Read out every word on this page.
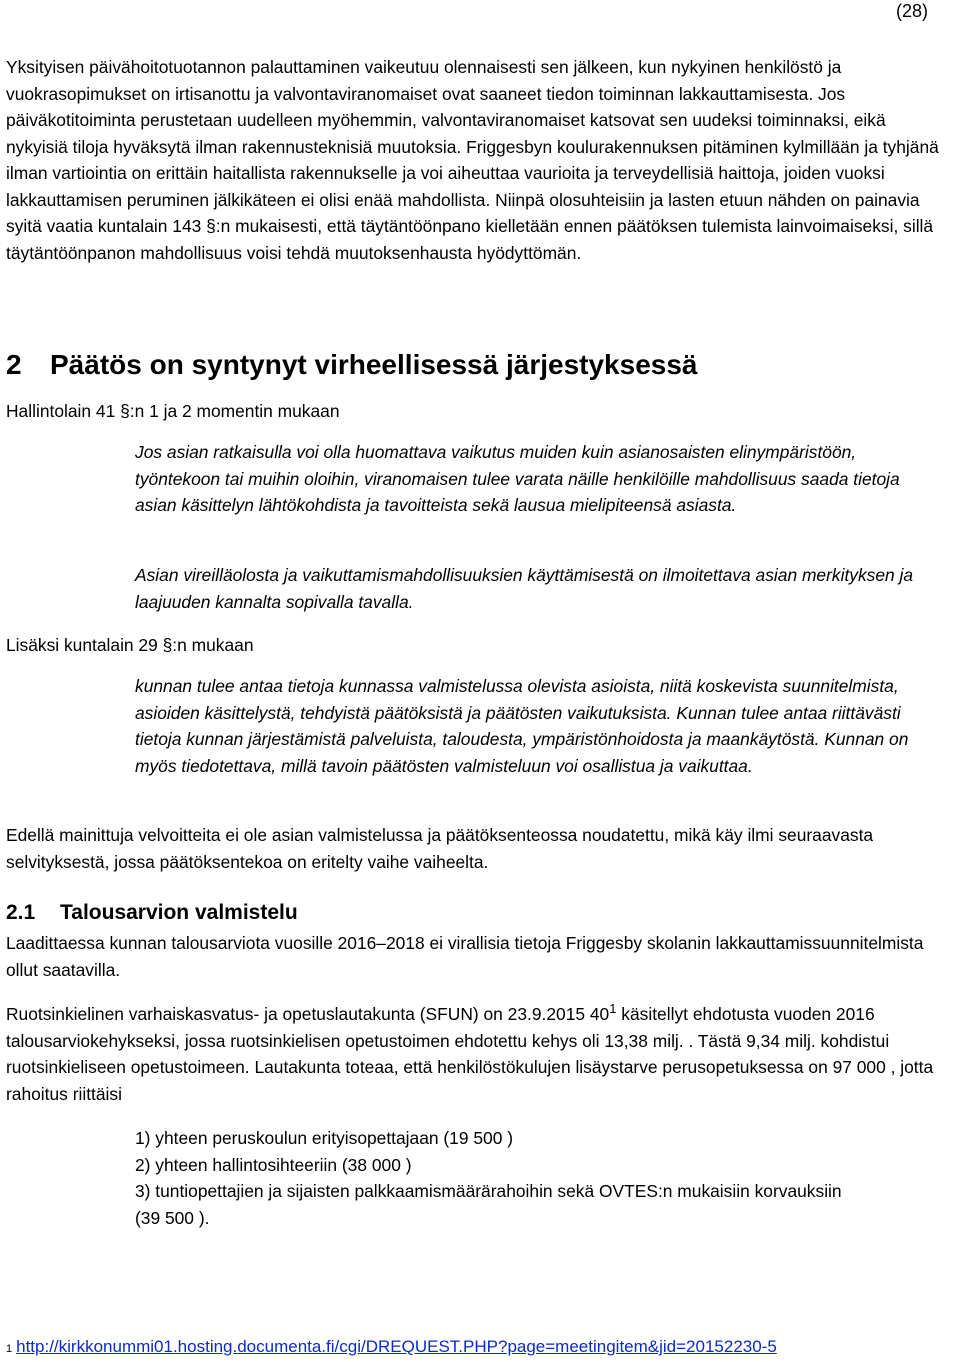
(28)
Yksityisen päivähoitotuotannon palauttaminen vaikeutuu olennaisesti sen jälkeen, kun nykyinen henkilöstö ja vuokrasopimukset on irtisanottu ja valvontaviranomaiset ovat saaneet tiedon toiminnan lakkauttamisesta. Jos päiväkotitoiminta perustetaan uudelleen myöhemmin, valvontaviranomaiset katsovat sen uudeksi toiminnaksi, eikä nykyisiä tiloja hyväksytä ilman rakennusteknisiä muutoksia. Friggesbyn koulurakennuksen pitäminen kylmillään ja tyhjänä ilman vartiointia on erittäin haitallista rakennukselle ja voi aiheuttaa vaurioita ja terveydellisiä haittoja, joiden vuoksi lakkauttamisen peruminen jälkikäteen ei olisi enää mahdollista. Niinpä olosuhteisiin ja lasten etuun nähden on painavia syitä vaatia kuntalain 143 §:n mukaisesti, että täytäntöönpano kielletään ennen päätöksen tulemista lainvoimaiseksi, sillä täytäntöönpanon mahdollisuus voisi tehdä muutoksenhausta hyödyttömän.
2 Päätös on syntynyt virheellisessä järjestyksessä
Hallintolain 41 §:n 1 ja 2 momentin mukaan
Jos asian ratkaisulla voi olla huomattava vaikutus muiden kuin asianosaisten elinympäristöön, työntekoon tai muihin oloihin, viranomaisen tulee varata näille henkilöille mahdollisuus saada tietoja asian käsittelyn lähtökohdista ja tavoitteista sekä lausua mielipiteensä asiasta.
Asian vireilläolosta ja vaikuttamismahdollisuuksien käyttämisestä on ilmoitettava asian merkityksen ja laajuuden kannalta sopivalla tavalla.
Lisäksi kuntalain 29 §:n mukaan
kunnan tulee antaa tietoja kunnassa valmistelussa olevista asioista, niitä koskevista suunnitelmista, asioiden käsittelystä, tehdyistä päätöksistä ja päätösten vaikutuksista. Kunnan tulee antaa riittävästi tietoja kunnan järjestämistä palveluista, taloudesta, ympäristönhoidosta ja maankäytöstä. Kunnan on myös tiedotettava, millä tavoin päätösten valmisteluun voi osallistua ja vaikuttaa.
Edellä mainittuja velvoitteita ei ole asian valmistelussa ja päätöksenteossa noudatettu, mikä käy ilmi seuraavasta selvityksestä, jossa päätöksentekoa on eritelty vaihe vaiheelta.
2.1 Talousarvion valmistelu
Laadittaessa kunnan talousarviota vuosille 2016–2018 ei virallisia tietoja Friggesby skolanin lakkauttamissuunnitelmista ollut saatavilla.
Ruotsinkielinen varhaiskasvatus- ja opetuslautakunta (SFUN) on 23.9.2015 $40^1$ käsitellyt ehdotusta vuoden 2016 talousarviokehykseksi, jossa ruotsinkielisen opetustoimen ehdotettu kehys oli 13,38 milj. . Tästä 9,34 milj. kohdistui ruotsinkieliseen opetustoimeen. Lautakunta toteaa, että henkilöstökulujen lisäystarve perusopetuksessa on 97 000 , jotta rahoitus riittäisi
1) yhteen peruskoulun erityisopettajaan (19 500 )
2) yhteen hallintosihteeriin (38 000 )
3) tuntiopettajien ja sijaisten palkkaamismäärärahoihin sekä OVTES:n mukaisiin korvauksiin (39 500 ).
1 http://kirkkonummi01.hosting.documenta.fi/cgi/DREQUEST.PHP?page=meetingitem&jid=20152230-5
